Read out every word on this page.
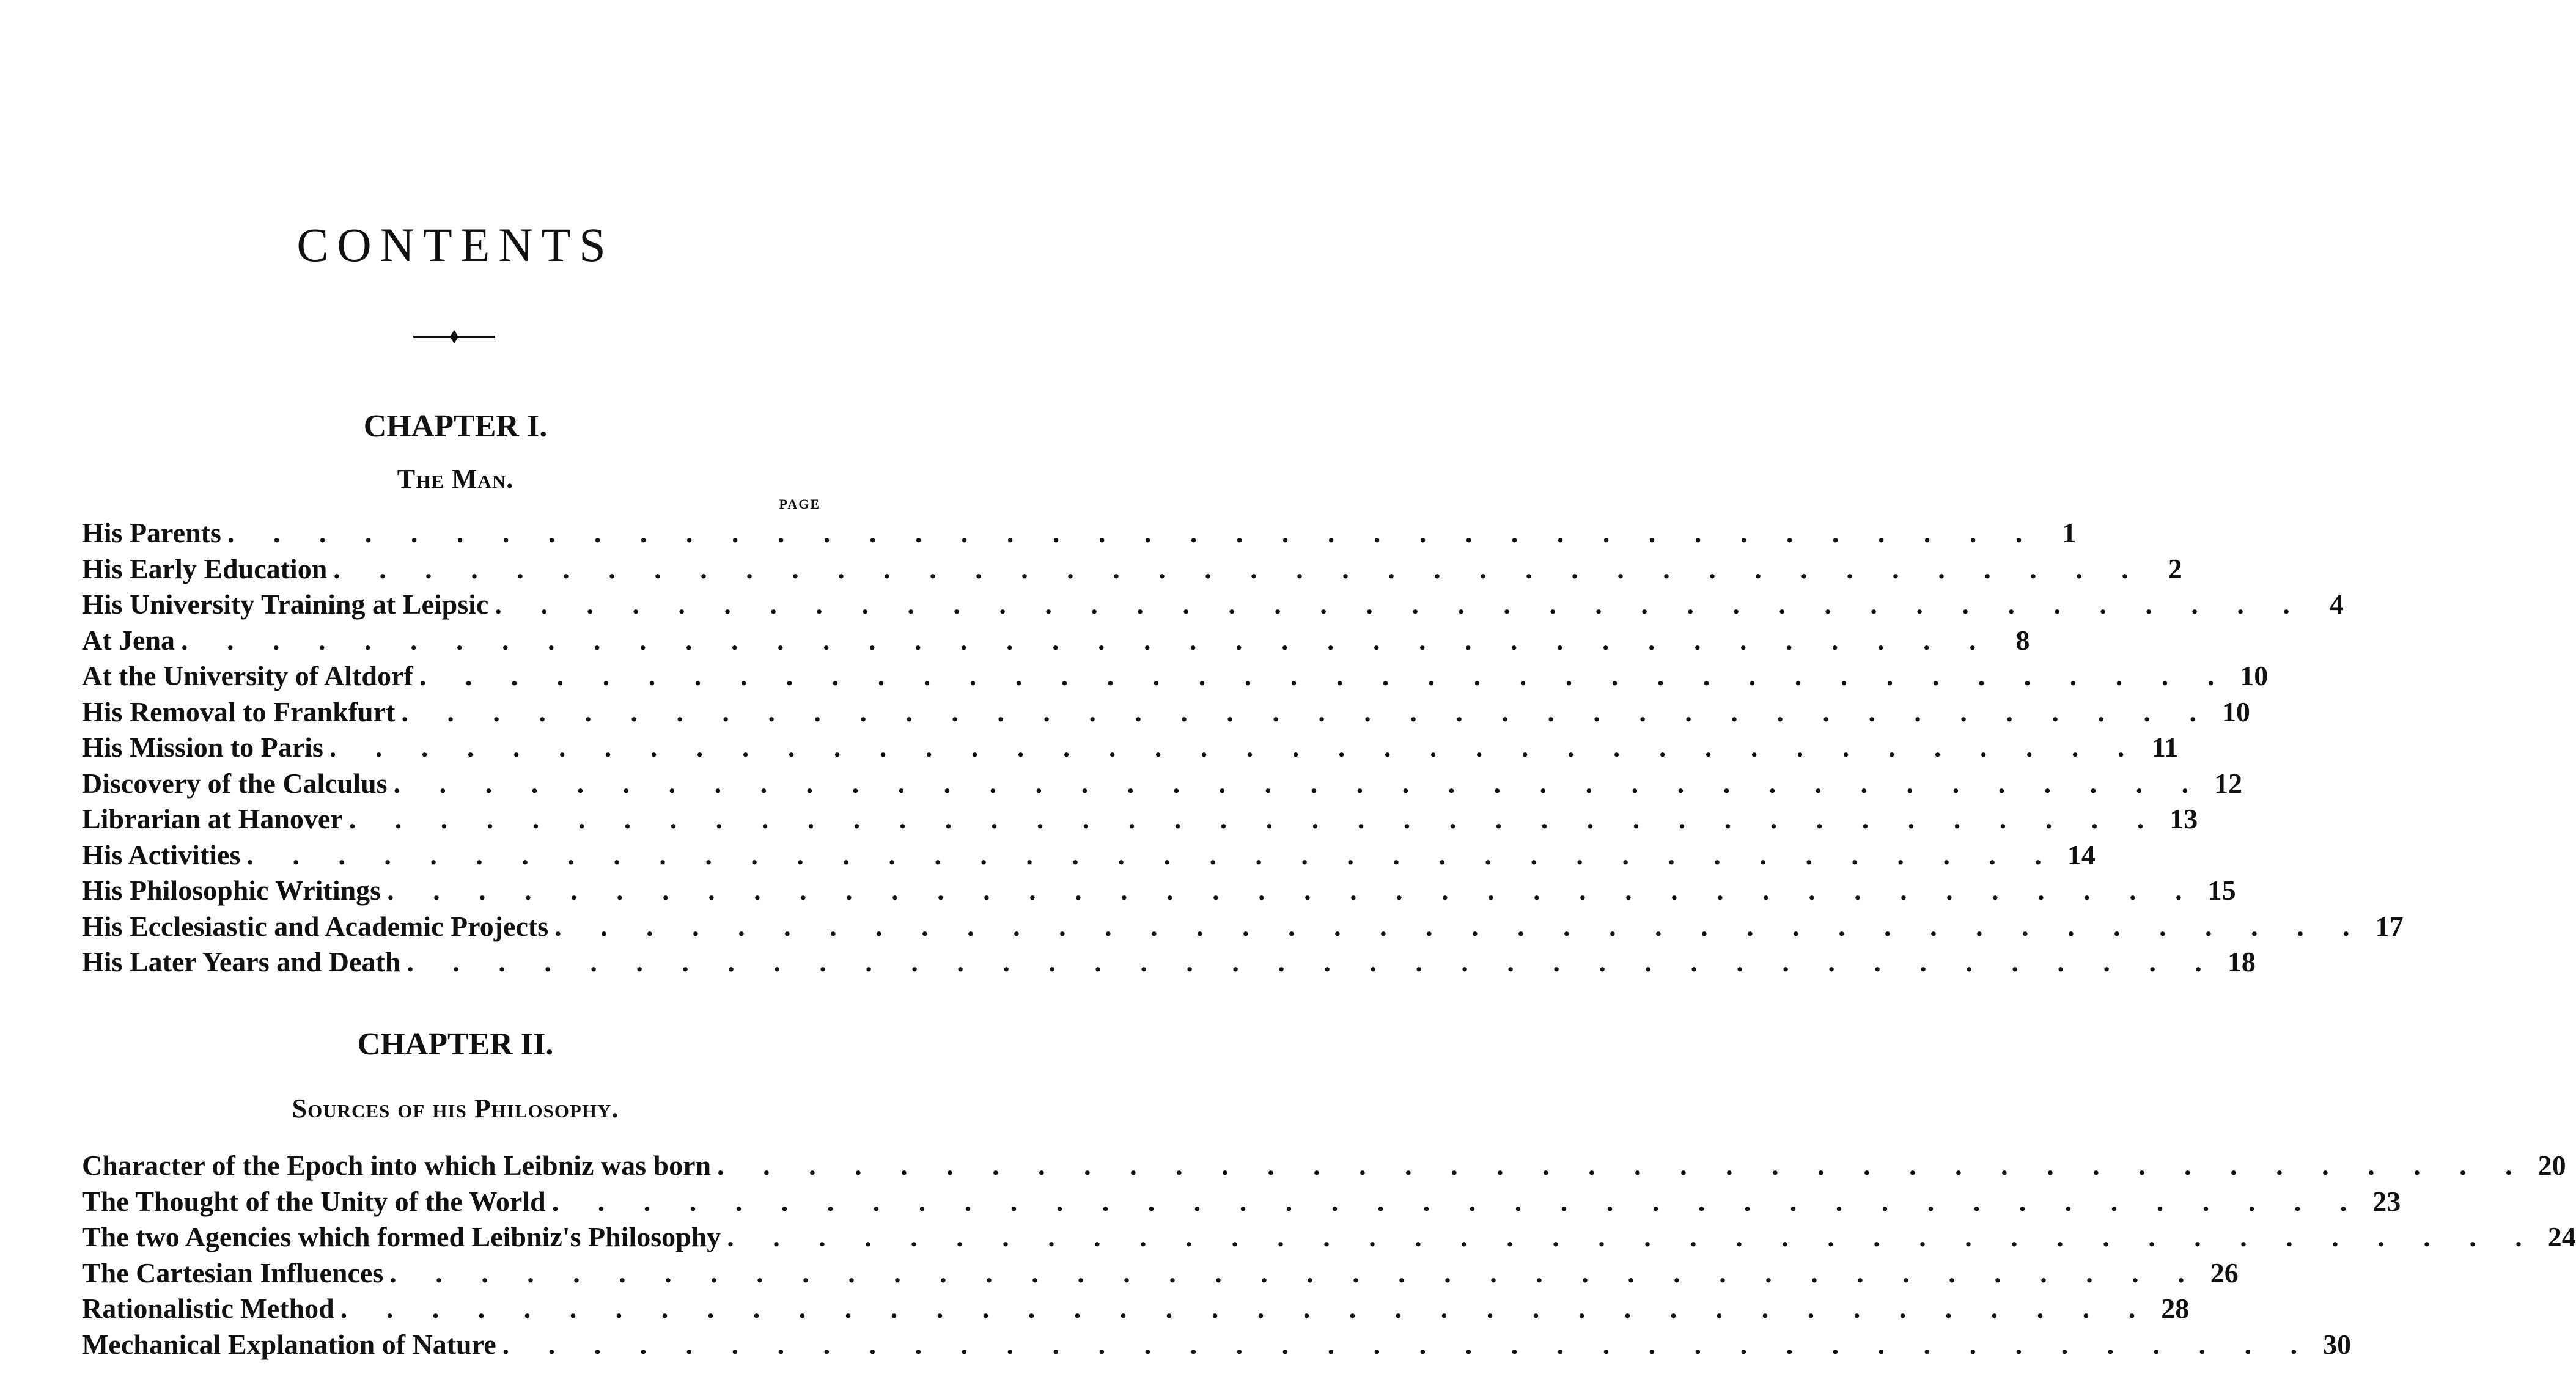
CONTENTS
CHAPTER I.
The Man.
PAGE
His Parents . . . . . . . . . . . . . . . . . . . . . . . . . . . . . . . . . . . . . . . . 1
His Early Education . . . . . . . . . . . . . . . . . . . . . . . . . . . . . . . . . . . . . . . . 2
His University Training at Leipsic . . . . . . . . . . . . . . . . . . . . . . . . . . . . . . . . . . . . . . . . 4
At Jena . . . . . . . . . . . . . . . . . . . . . . . . . . . . . . . . . . . . . . . . 8
At the University of Altdorf . . . . . . . . . . . . . . . . . . . . . . . . . . . . . . . . . . . . . . . . 10
His Removal to Frankfurt . . . . . . . . . . . . . . . . . . . . . . . . . . . . . . . . . . . . . . . . 10
His Mission to Paris . . . . . . . . . . . . . . . . . . . . . . . . . . . . . . . . . . . . . . . . 11
Discovery of the Calculus . . . . . . . . . . . . . . . . . . . . . . . . . . . . . . . . . . . . . . . . 12
Librarian at Hanover . . . . . . . . . . . . . . . . . . . . . . . . . . . . . . . . . . . . . . . . 13
His Activities . . . . . . . . . . . . . . . . . . . . . . . . . . . . . . . . . . . . . . . . 14
His Philosophic Writings . . . . . . . . . . . . . . . . . . . . . . . . . . . . . . . . . . . . . . . . 15
His Ecclesiastic and Academic Projects . . . . . . . . . . . . . . . . . . . . . . . . . . . . . . . . . . . . . . . . 17
His Later Years and Death . . . . . . . . . . . . . . . . . . . . . . . . . . . . . . . . . . . . . . . . 18
CHAPTER II.
Sources of his Philosophy.
Character of the Epoch into which Leibniz was born . . . . . . . . . . . . . . . . . . . . . . . . . . . . . . . . . . . . . . . . 20
The Thought of the Unity of the World . . . . . . . . . . . . . . . . . . . . . . . . . . . . . . . . . . . . . . . . 23
The two Agencies which formed Leibniz's Philosophy . . . . . . . . . . . . . . . . . . . . . . . . . . . . . . . . . . . . . . . . 24
The Cartesian Influences . . . . . . . . . . . . . . . . . . . . . . . . . . . . . . . . . . . . . . . . 26
Rationalistic Method . . . . . . . . . . . . . . . . . . . . . . . . . . . . . . . . . . . . . . . . 28
Mechanical Explanation of Nature . . . . . . . . . . . . . . . . . . . . . . . . . . . . . . . . . . . . . . . . 30
